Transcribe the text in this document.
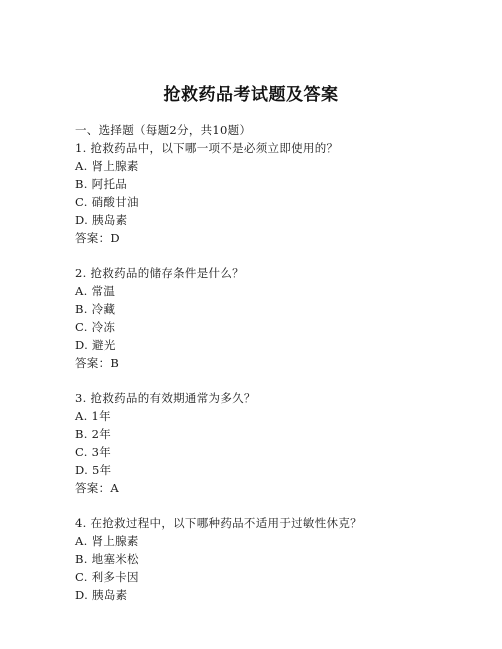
抢救药品考试题及答案
一、选择题（每题2分，共10题）
1. 抢救药品中，以下哪一项不是必须立即使用的？
A. 肾上腺素
B. 阿托品
C. 硝酸甘油
D. 胰岛素
答案：D
2. 抢救药品的储存条件是什么？
A. 常温
B. 冷藏
C. 冷冻
D. 避光
答案：B
3. 抢救药品的有效期通常为多久？
A. 1年
B. 2年
C. 3年
D. 5年
答案：A
4. 在抢救过程中，以下哪种药品不适用于过敏性休克？
A. 肾上腺素
B. 地塞米松
C. 利多卡因
D. 胰岛素
